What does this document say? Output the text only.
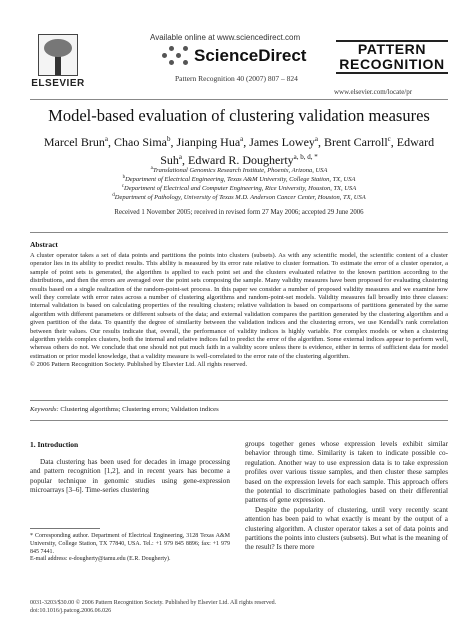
ELSEVIER
Available online at www.sciencedirect.com
ScienceDirect
Pattern Recognition 40 (2007) 807 – 824
PATTERN
RECOGNITION
www.elsevier.com/locate/pr
Model-based evaluation of clustering validation measures
Marcel Brun$^a$, Chao Sima$^b$, Jianping Hua$^a$, James Lowey$^a$, Brent Carroll$^c$, Edward Suh$^a$, Edward R. Dougherty$^{a, b, d, *}$
$^a$Translational Genomics Research Institute, Phoenix, Arizona, USA
$^b$Department of Electrical Engineering, Texas A&M University, College Station, TX, USA
$^c$Department of Electrical and Computer Engineering, Rice University, Houston, TX, USA
$^d$Department of Pathology, University of Texas M.D. Anderson Cancer Center, Houston, TX, USA
Received 1 November 2005; received in revised form 27 May 2006; accepted 29 June 2006
Abstract
A cluster operator takes a set of data points and partitions the points into clusters (subsets). As with any scientific model, the scientific content of a cluster operator lies in its ability to predict results. This ability is measured by its error rate relative to cluster formation. To estimate the error of a cluster operator, a sample of point sets is generated, the algorithm is applied to each point set and the clusters evaluated relative to the known partition according to the distributions, and then the errors are averaged over the point sets composing the sample. Many validity measures have been proposed for evaluating clustering results based on a single realization of the random-point-set process. In this paper we consider a number of proposed validity measures and we examine how well they correlate with error rates across a number of clustering algorithms and random-point-set models. Validity measures fall broadly into three classes: internal validation is based on calculating properties of the resulting clusters; relative validation is based on comparisons of partitions generated by the same algorithm with different parameters or different subsets of the data; and external validation compares the partition generated by the clustering algorithm and a given partition of the data. To quantify the degree of similarity between the validation indices and the clustering errors, we use Kendall's rank correlation between their values. Our results indicate that, overall, the performance of validity indices is highly variable. For complex models or when a clustering algorithm yields complex clusters, both the internal and relative indices fail to predict the error of the algorithm. Some external indices appear to perform well, whereas others do not. We conclude that one should not put much faith in a validity score unless there is evidence, either in terms of sufficient data for model estimation or prior model knowledge, that a validity measure is well-correlated to the error rate of the clustering algorithm.
© 2006 Pattern Recognition Society. Published by Elsevier Ltd. All rights reserved.
Keywords: Clustering algorithms; Clustering errors; Validation indices
1. Introduction

Data clustering has been used for decades in image processing and pattern recognition [1,2], and in recent years has become a popular technique in genomic studies using gene-expression microarrays [3–6]. Time-series clustering

groups together genes whose expression levels exhibit similar behavior through time. Similarity is taken to indicate possible co-regulation. Another way to use expression data is to take expression profiles over various tissue samples, and then cluster these samples based on the expression levels for each sample. This approach offers the potential to discriminate pathologies based on their differential patterns of gene expression.

Despite the popularity of clustering, until very recently scant attention has been paid to what exactly is meant by the output of a clustering algorithm. A cluster operator takes a set of data points and partitions the points into clusters (subsets). But what is the meaning of the result? Is there more

* Corresponding author. Department of Electrical Engineering, 3128 Texas A&M University, College Station, TX 77840, USA. Tel.: +1 979 845 8896; fax: +1 979 845 7441.
E-mail address: e-dougherty@tamu.edu (E.R. Dougherty).
0031-3203/$30.00 © 2006 Pattern Recognition Society. Published by Elsevier Ltd. All rights reserved.
doi:10.1016/j.patcog.2006.06.026
